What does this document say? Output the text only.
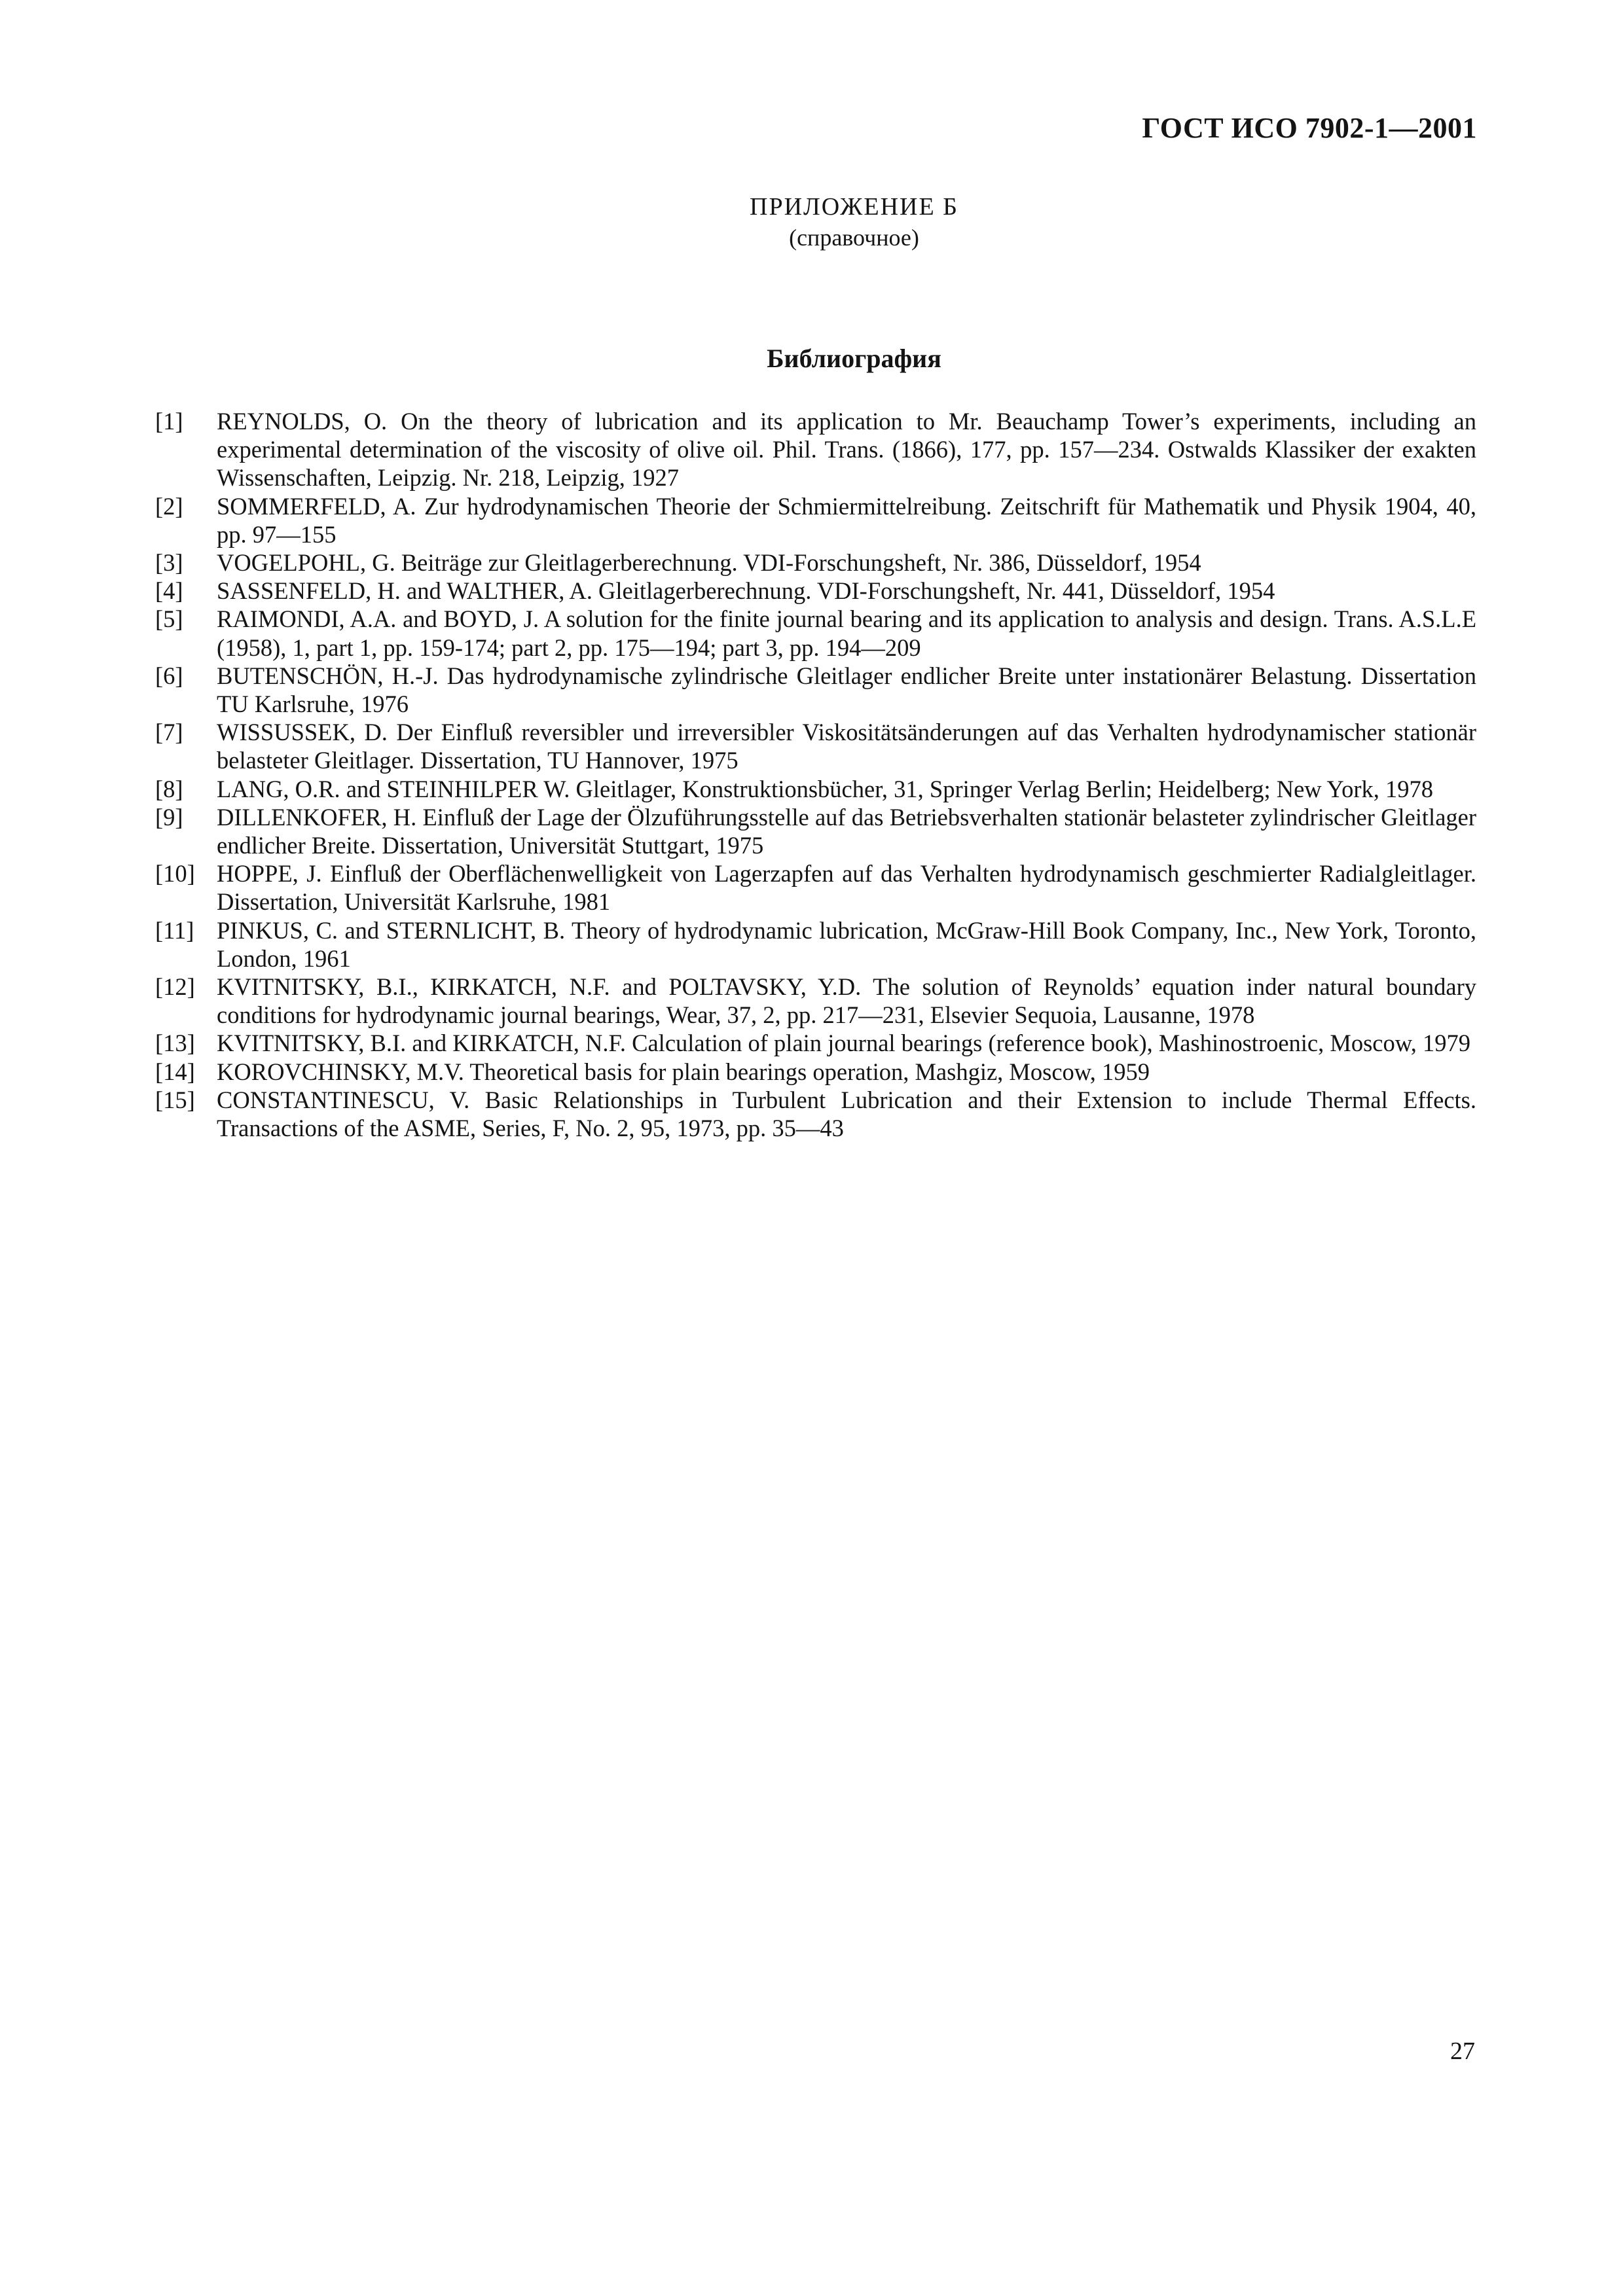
ГОСТ ИСО 7902-1—2001
ПРИЛОЖЕНИЕ Б
(справочное)
Библиография
[1] REYNOLDS, O. On the theory of lubrication and its application to Mr. Beauchamp Tower’s experiments, including an experimental determination of the viscosity of olive oil. Phil. Trans. (1866), 177, pp. 157—234. Ostwalds Klassiker der exakten Wissenschaften, Leipzig. Nr. 218, Leipzig, 1927
[2] SOMMERFELD, A. Zur hydrodynamischen Theorie der Schmiermittelreibung. Zeitschrift für Mathematik und Physik 1904, 40, pp. 97—155
[3] VOGELPOHL, G. Beiträge zur Gleitlagerberechnung. VDI-Forschungsheft, Nr. 386, Düsseldorf, 1954
[4] SASSENFELD, H. and WALTHER, A. Gleitlagerberechnung. VDI-Forschungsheft, Nr. 441, Düsseldorf, 1954
[5] RAIMONDI, A.A. and BOYD, J. A solution for the finite journal bearing and its application to analysis and design. Trans. A.S.L.E (1958), 1, part 1, pp. 159-174; part 2, pp. 175—194; part 3, pp. 194—209
[6] BUTENSCHÖN, H.-J. Das hydrodynamische zylindrische Gleitlager endlicher Breite unter instationärer Belastung. Dissertation TU Karlsruhe, 1976
[7] WISSUSSEK, D. Der Einfluß reversibler und irreversibler Viskositätsänderungen auf das Verhalten hydrodynamischer stationär belasteter Gleitlager. Dissertation, TU Hannover, 1975
[8] LANG, O.R. and STEINHILPER W. Gleitlager, Konstruktionsbücher, 31, Springer Verlag Berlin; Heidelberg; New York, 1978
[9] DILLENKOFER, H. Einfluß der Lage der Ölzuführungsstelle auf das Betriebsverhalten stationär belasteter zylindrischer Gleitlager endlicher Breite. Dissertation, Universität Stuttgart, 1975
[10] HOPPE, J. Einfluß der Oberflächenwelligkeit von Lagerzapfen auf das Verhalten hydrodynamisch geschmierter Radialgleitlager. Dissertation, Universität Karlsruhe, 1981
[11] PINKUS, C. and STERNLICHT, B. Theory of hydrodynamic lubrication, McGraw-Hill Book Company, Inc., New York, Toronto, London, 1961
[12] KVITNITSKY, B.I., KIRKATCH, N.F. and POLTAVSKY, Y.D. The solution of Reynolds’ equation inder natural boundary conditions for hydrodynamic journal bearings, Wear, 37, 2, pp. 217—231, Elsevier Sequoia, Lausanne, 1978
[13] KVITNITSKY, B.I. and KIRKATCH, N.F. Calculation of plain journal bearings (reference book), Mashinostroenic, Moscow, 1979
[14] KOROVCHINSKY, M.V. Theoretical basis for plain bearings operation, Mashgiz, Moscow, 1959
[15] CONSTANTINESCU, V. Basic Relationships in Turbulent Lubrication and their Extension to include Thermal Effects. Transactions of the ASME, Series, F, No. 2, 95, 1973, pp. 35—43
27
